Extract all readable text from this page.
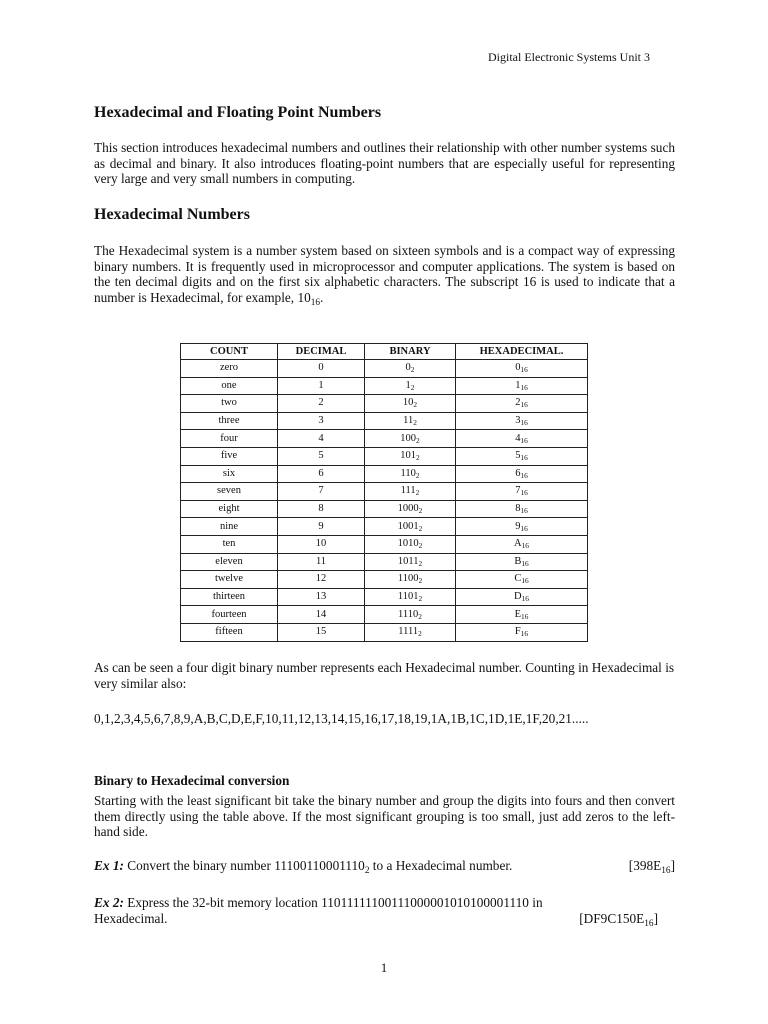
Digital Electronic Systems Unit 3
Hexadecimal and Floating Point Numbers

This section introduces hexadecimal numbers and outlines their relationship with other number systems such as decimal and binary. It also introduces floating-point numbers that are especially useful for representing very large and very small numbers in computing.

Hexadecimal Numbers

The Hexadecimal system is a number system based on sixteen symbols and is a compact way of expressing binary numbers. It is frequently used in microprocessor and computer applications. The system is based on the ten decimal digits and on the first six alphabetic characters. The subscript 16 is used to indicate that a number is Hexadecimal, for example, $10_{16}$.

COUNT	DECIMAL	BINARY	HEXADECIMAL.
zero	0	$0_2$	$0_{16}$
one	1	$1_2$	$1_{16}$
two	2	$10_2$	$2_{16}$
three	3	$11_2$	$3_{16}$
four	4	$100_2$	$4_{16}$
five	5	$101_2$	$5_{16}$
six	6	$110_2$	$6_{16}$
seven	7	$111_2$	$7_{16}$
eight	8	$1000_2$	$8_{16}$
nine	9	$1001_2$	$9_{16}$
ten	10	$1010_2$	$A_{16}$
eleven	11	$1011_2$	$B_{16}$
twelve	12	$1100_2$	$C_{16}$
thirteen	13	$1101_2$	$D_{16}$
fourteen	14	$1110_2$	$E_{16}$
fifteen	15	$1111_2$	$F_{16}$

As can be seen a four digit binary number represents each Hexadecimal number. Counting in Hexadecimal is very similar also:

0,1,2,3,4,5,6,7,8,9,A,B,C,D,E,F,10,11,12,13,14,15,16,17,18,19,1A,1B,1C,1D,1E,1F,20,21.....

Binary to Hexadecimal conversion

Starting with the least significant bit take the binary number and group the digits into fours and then convert them directly using the table above. If the most significant grouping is too small, just add zeros to the left-hand side.

Ex 1: Convert the binary number $11100110001110_2$ to a Hexadecimal number.	$[398E_{16}]$

Ex 2: Express the 32-bit memory location 11011111100111000001010100001110 in

Hexadecimal.	$[DF9C150E_{16}]$

1
